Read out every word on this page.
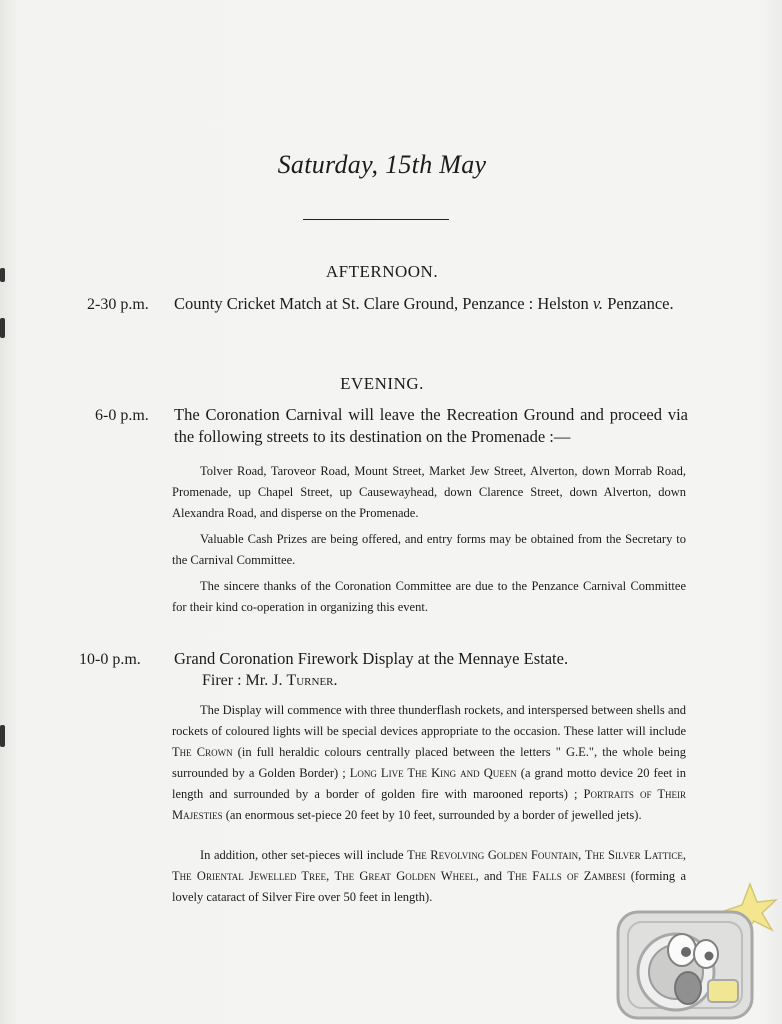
Saturday, 15th May
AFTERNOON.
2-30 p.m. County Cricket Match at St. Clare Ground, Penzance : Helston v. Penzance.
EVENING.
6-0 p.m. The Coronation Carnival will leave the Recreation Ground and proceed via the following streets to its destination on the Promenade :—
Tolver Road, Taroveor Road, Mount Street, Market Jew Street, Alverton, down Morrab Road, Promenade, up Chapel Street, up Causewayhead, down Clarence Street, down Alverton, down Alexandra Road, and disperse on the Promenade.
Valuable Cash Prizes are being offered, and entry forms may be obtained from the Secretary to the Carnival Committee.
The sincere thanks of the Coronation Committee are due to the Penzance Carnival Committee for their kind co-operation in organizing this event.
10-0 p.m. Grand Coronation Firework Display at the Mennaye Estate.
Firer : Mr. J. Turner.
The Display will commence with three thunderflash rockets, and interspersed between shells and rockets of coloured lights will be special devices appropriate to the occasion. These latter will include The Crown (in full heraldic colours centrally placed between the letters " G.E.", the whole being surrounded by a Golden Border) ; Long Live The King and Queen (a grand motto device 20 feet in length and surrounded by a border of golden fire with marooned reports) ; Portraits of Their Majesties (an enormous set-piece 20 feet by 10 feet, surrounded by a border of jewelled jets).
In addition, other set-pieces will include The Revolving Golden Fountain, The Silver Lattice, The Oriental Jewelled Tree, The Great Golden Wheel, and The Falls of Zambesi (forming a lovely cataract of Silver Fire over 50 feet in length).
